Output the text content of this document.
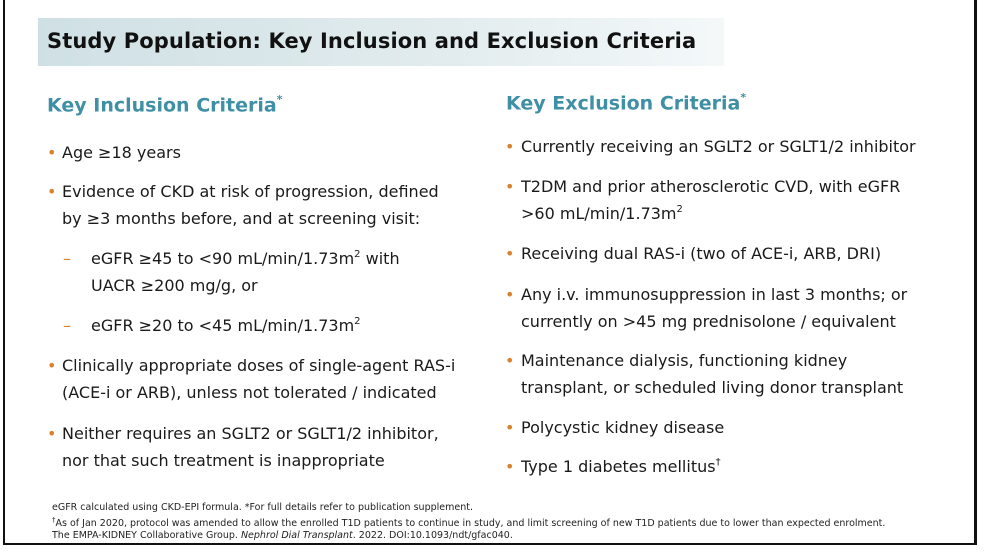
Study Population: Key Inclusion and Exclusion Criteria
Key Inclusion Criteria*
• Age ≥18 years
• Evidence of CKD at risk of progression, defined
by ≥3 months before, and at screening visit:
– eGFR ≥45 to <90 $mL/\min/1.73m^2$ with
UACR ≥200 mg/g, or
– eGFR ≥20 to <45 $mL/\min/1.73m^2$
• Clinically appropriate doses of single-agent RAS-i
(ACE-i or ARB), unless not tolerated / indicated
• Neither requires an SGLT2 or SGLT1/2 inhibitor,
nor that such treatment is inappropriate
Key Exclusion Criteria*
• Currently receiving an SGLT2 or SGLT1/2 inhibitor
• T2DM and prior atherosclerotic CVD, with eGFR
>60 $mL/\min/1.73m^2$
• Receiving dual RAS-i (two of ACE-i, ARB, DRI)
• Any i.v. immunosuppression in last 3 months; or
currently on >45 mg prednisolone / equivalent
• Maintenance dialysis, functioning kidney
transplant, or scheduled living donor transplant
• Polycystic kidney disease
• Type 1 diabetes mellitus†
eGFR calculated using CKD-EPI formula. *For full details refer to publication supplement.
†As of Jan 2020, protocol was amended to allow the enrolled T1D patients to continue in study, and limit screening of new T1D patients due to lower than expected enrolment.
The EMPA-KIDNEY Collaborative Group. Nephrol Dial Transplant. 2022. DOI:10.1093/ndt/gfac040.
